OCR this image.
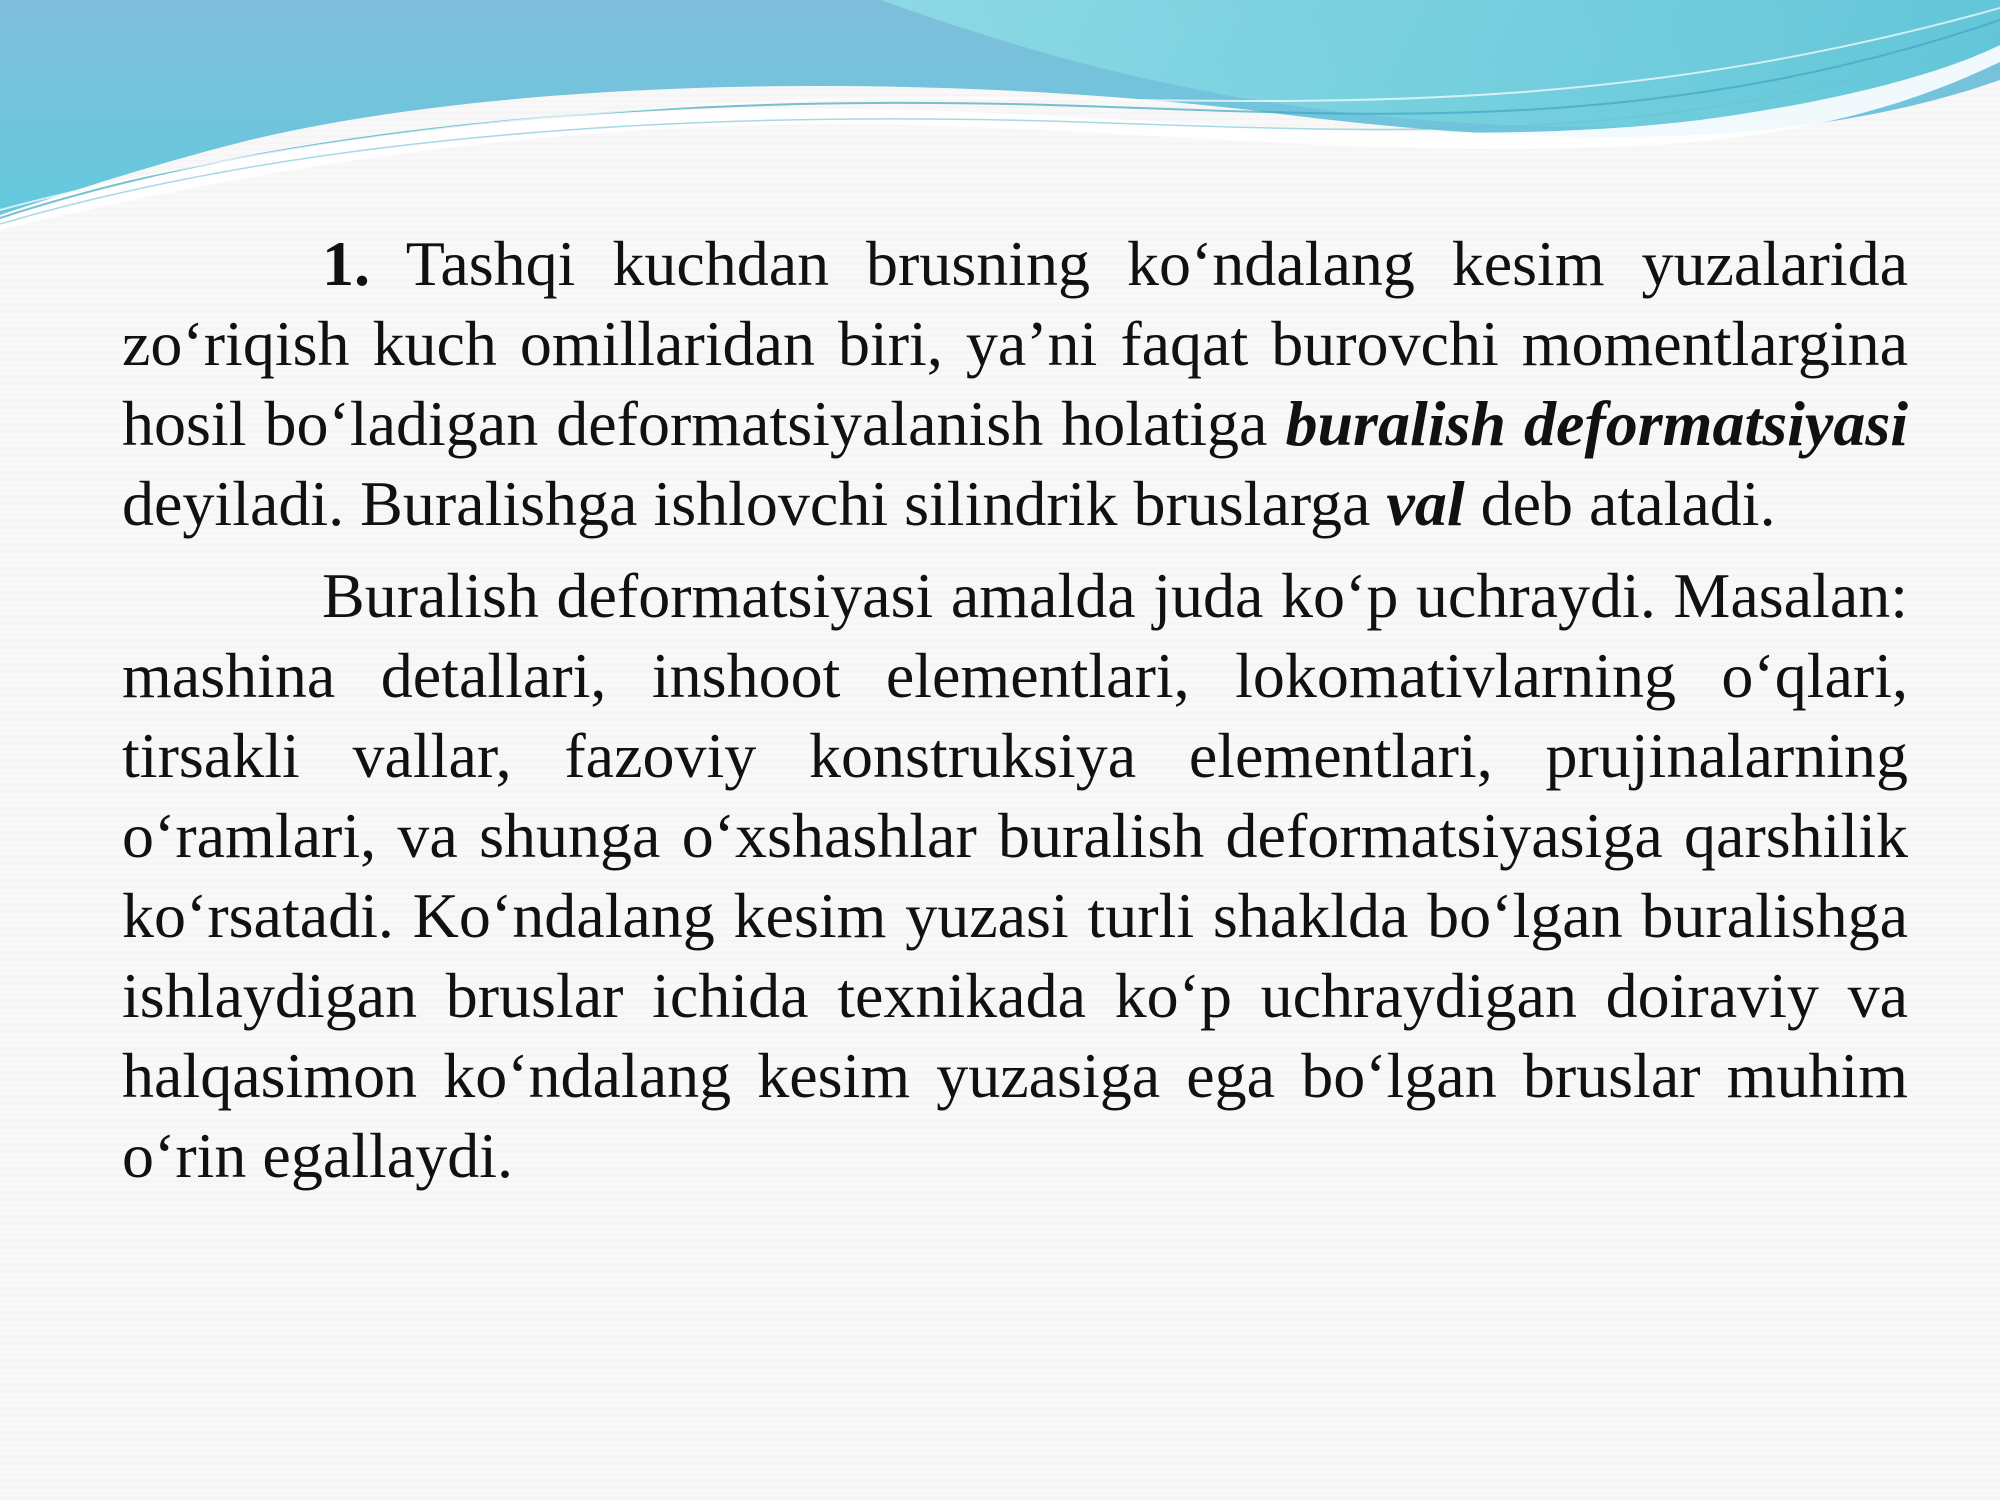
1. Tashqi kuchdan brusning ko‘ndalang kesim yuzalarida zo‘riqish kuch omillaridan biri, ya’ni faqat burovchi momentlargina hosil bo‘ladigan deformatsiyalanish holatiga buralish deformatsiyasi deyiladi. Buralishga ishlovchi silindrik bruslarga val deb ataladi.

Buralish deformatsiyasi amalda juda ko‘p uchraydi. Masalan: mashina detallari, inshoot elementlari, lokomativlarning o‘qlari, tirsakli vallar, fazoviy konstruksiya elementlari, prujinalarning o‘ramlari, va shunga o‘xshashlar buralish deformatsiyasiga qarshilik ko‘rsatadi. Ko‘ndalang kesim yuzasi turli shaklda bo‘lgan buralishga ishlaydigan bruslar ichida texnikada ko‘p uchraydigan doiraviy va halqasimon ko‘ndalang kesim yuzasiga ega bo‘lgan bruslar muhim o‘rin egallaydi.
